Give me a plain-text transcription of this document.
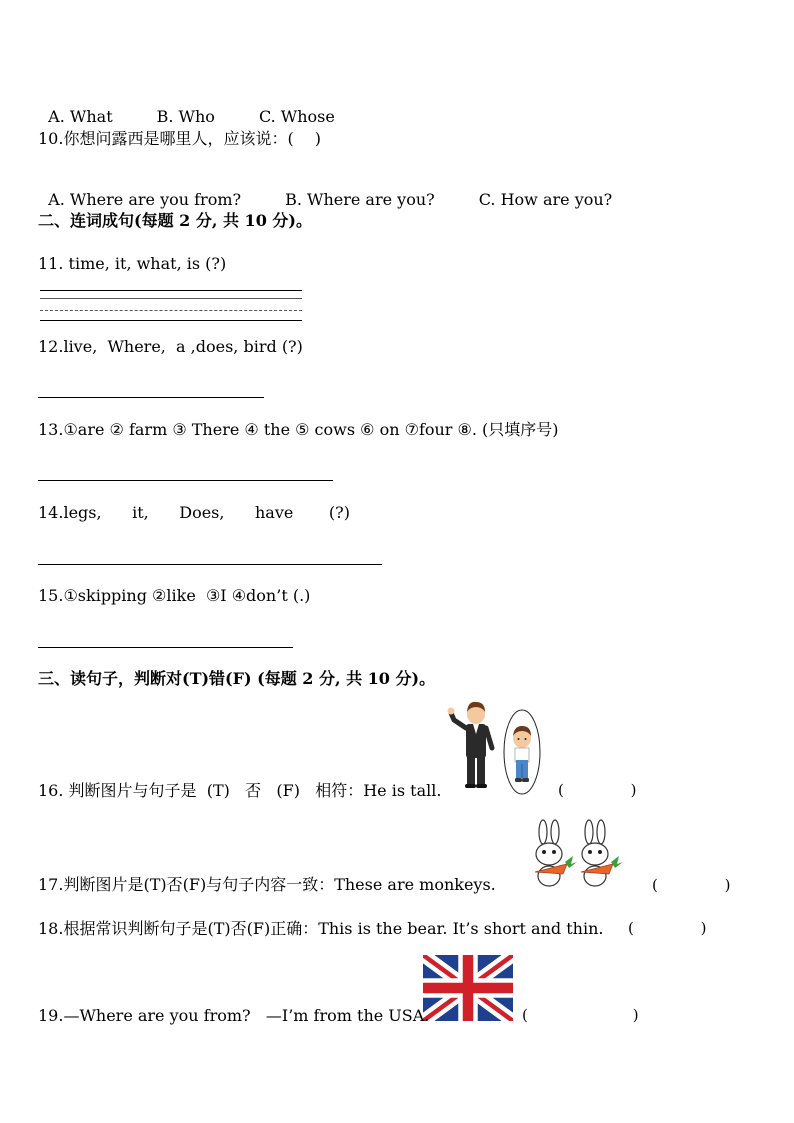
A. What	B. Who	C. Whose

10.你想问露西是哪里人，应该说：(　 )

A. Where are you from?	B. Where are you?	C. How are you?

二、连词成句(每题 2 分, 共 10 分)。
11. time, it, what, is (?)
12.live,  Where,  a ,does, bird (?)
13.①are ② farm ③ There ④ the ⑤ cows ⑥ on ⑦four ⑧. (只填序号)
14.legs,      it,      Does,      have       (?)
15.①skipping ②like  ③I ④don’t (.)
三、读句子，判断对(T)错(F) (每题 2 分, 共 10 分)。
16. 判断图片与句子是  (T)   否   (F)   相符：He is tall.	(              )
17.判断图片是(T)否(F)与句子内容一致：These are monkeys.	(              )
18.根据常识判断句子是(T)否(F)正确：This is the bear. It’s short and thin. (              )
19.—Where are you from?   —I’m from the USA.	(                      )
